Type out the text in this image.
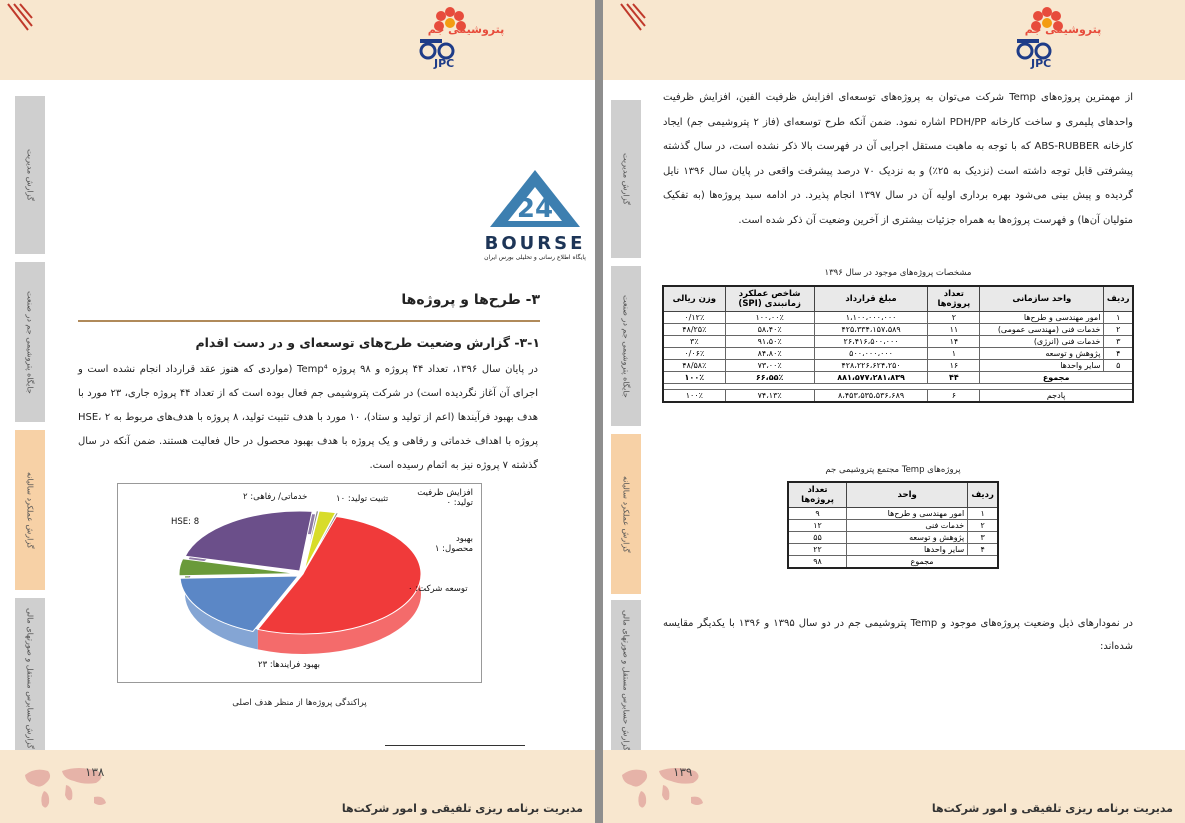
پتروشیمی جم
JPC
گزارش مدیریت
جایگاه پتروشیمی جم در صنعت
گزارش عملکرد سالیانه
گزارش حسابرس مستقل و صورتهای مالی
24
BOURSE
پایگاه اطلاع رسانی و تحلیلی بورس ایران
۳- طرح‌ها و پروژه‌ها
۳-۱- گزارش وضعیت طرح‌های توسعه‌ای و در دست اقدام
در پایان سال ۱۳۹۶، تعداد ۴۴ پروژه و ۹۸ پروژه Temp⁴ (مواردی که هنوز عقد قرارداد انجام نشده است و اجرای آن آغاز نگردیده است) در شرکت پتروشیمی جم فعال بوده است که از تعداد ۴۴ پروژه جاری، ۲۳ مورد با هدف بهبود فرآیندها (اعم از تولید و ستاد)، ۱۰ مورد با هدف تثبیت تولید، ۸ پروژه با هدف‌های مربوط به HSE، ۲ پروژه با اهداف خدماتی و رفاهی و یک پروژه با هدف بهبود محصول در حال فعالیت هستند. ضمن آنکه در سال گذشته ۷ پروژه نیز به اتمام رسیده است.
خدماتی/ رفاهی: ۲	تثبیت تولید: ۱۰
افزایش ظرفیت تولید: ۰
HSE: 8
بهبود محصول: ۱
توسعه شرکت: ۰
بهبود فرایندها: ۲۳
پراکندگی پروژه‌ها از منظر هدف اصلی
۱۳۸
مدیریت برنامه ریزی تلفیقی و امور شرکت‌ها
پتروشیمی جم
JPC
گزارش مدیریت
جایگاه پتروشیمی جم در صنعت
گزارش عملکرد سالیانه
گزارش حسابرس مستقل و صورتهای مالی
از مهمترین پروژه‌های Temp شرکت می‌توان به پروژه‌های توسعه‌ای افزایش ظرفیت الفین، افزایش ظرفیت واحدهای پلیمری و ساخت کارخانه PDH/PP اشاره نمود. ضمن آنکه طرح توسعه‌ای (فاز ۲ پتروشیمی جم) ایجاد کارخانه ABS-RUBBER که با توجه به ماهیت مستقل اجرایی آن در فهرست بالا ذکر نشده است، در سال گذشته پیشرفتی قابل توجه داشته است (نزدیک به ۲۵٪) و به نزدیک ۷۰ درصد پیشرفت واقعی در پایان سال ۱۳۹۶ نایل گردیده و پیش بینی می‌شود بهره برداری اولیه آن در سال ۱۳۹۷ انجام پذیرد. در ادامه سبد پروژه‌ها (به تفکیک متولیان آن‌ها) و فهرست پروژه‌ها به همراه جزئیات بیشتری از آخرین وضعیت آن ذکر شده است.
مشخصات پروژه‌های موجود در سال ۱۳۹۶
ردیف	واحد سازمانی	تعداد پروژه‌ها	مبلغ قرارداد	شاخص عملکرد زمانبندی (SPI)	وزن ریالی
۱	امور مهندسی و طرح‌ها	۲	۱،۱۰۰،۰۰۰،۰۰۰	۱۰۰،۰۰٪	۰/۱۲٪
۲	خدمات فنی (مهندسی عمومی)	۱۱	۴۲۵،۳۳۴،۱۵۷،۵۸۹	۵۸،۴۰٪	۴۸/۲۵٪
۳	خدمات فنی (انرژی)	۱۴	۲۶،۴۱۶،۵۰۰،۰۰۰	۹۱،۵۰٪	۳٪
۴	پژوهش و توسعه	۱	۵۰۰،۰۰۰،۰۰۰	۸۴،۸۰٪	۰/۰۶٪
۵	سایر واحدها	۱۶	۴۲۸،۲۲۶،۶۲۴،۲۵۰	۷۳،۰۰٪	۴۸/۵۸٪
مجموع		۴۴	۸۸۱،۵۷۷،۲۸۱،۸۳۹	۶۶،۵۵٪	۱۰۰٪

پادجم		۶	۸،۴۵۳،۵۳۵،۵۳۶،۶۸۹	۷۴،۱۳٪	۱۰۰٪
پروژه‌های Temp مجتمع پتروشیمی جم
ردیف	واحد	تعداد پروژه‌ها
۱	امور مهندسی و طرح‌ها	۹
۲	خدمات فنی	۱۲
۳	پژوهش و توسعه	۵۵
۴	سایر واحدها	۲۲
مجموع		۹۸
در نمودارهای ذیل وضعیت پروژه‌های موجود و Temp پتروشیمی جم در دو سال ۱۳۹۵ و ۱۳۹۶ با یکدیگر مقایسه شده‌اند:
۱۳۹
مدیریت برنامه ریزی تلفیقی و امور شرکت‌ها
